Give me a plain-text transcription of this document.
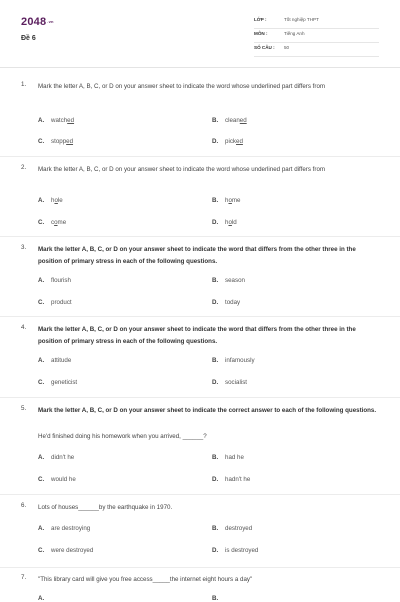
$2048^{.vn}$
Đề 6
LỚP :	Tốt nghiệp THPT
MÔN :	Tiếng Anh
SỐ CÂU : 50
1. Mark the letter A, B, C, or D on your answer sheet to indicate the word whose underlined part differs from
A. watched	B. cleaned
C. stopped	D. picked
2. Mark the letter A, B, C, or D on your answer sheet to indicate the word whose underlined part differs from
A. hole	B. home
C. come	D. hold
3. Mark the letter A, B, C, or D on your answer sheet to indicate the word that differs from the other three in the position of primary stress in each of the following questions.
A. flourish	B. season
C. product	D. today
4. Mark the letter A, B, C, or D on your answer sheet to indicate the word that differs from the other three in the position of primary stress in each of the following questions.
A. attitude	B. infamously
C. geneticist	D. socialist
5. Mark the letter A, B, C, or D on your answer sheet to indicate the correct answer to each of the following questions.
He'd finished doing his homework when you arrived, ______?
A. didn't he	B. had he
C. would he	D. hadn't he
6. Lots of houses______by the earthquake in 1970.
A. are destroying	B. destroyed
C. were destroyed	D. is destroyed
7. "This library card will give you free access_____the internet eight hours a day"
A.	B.
